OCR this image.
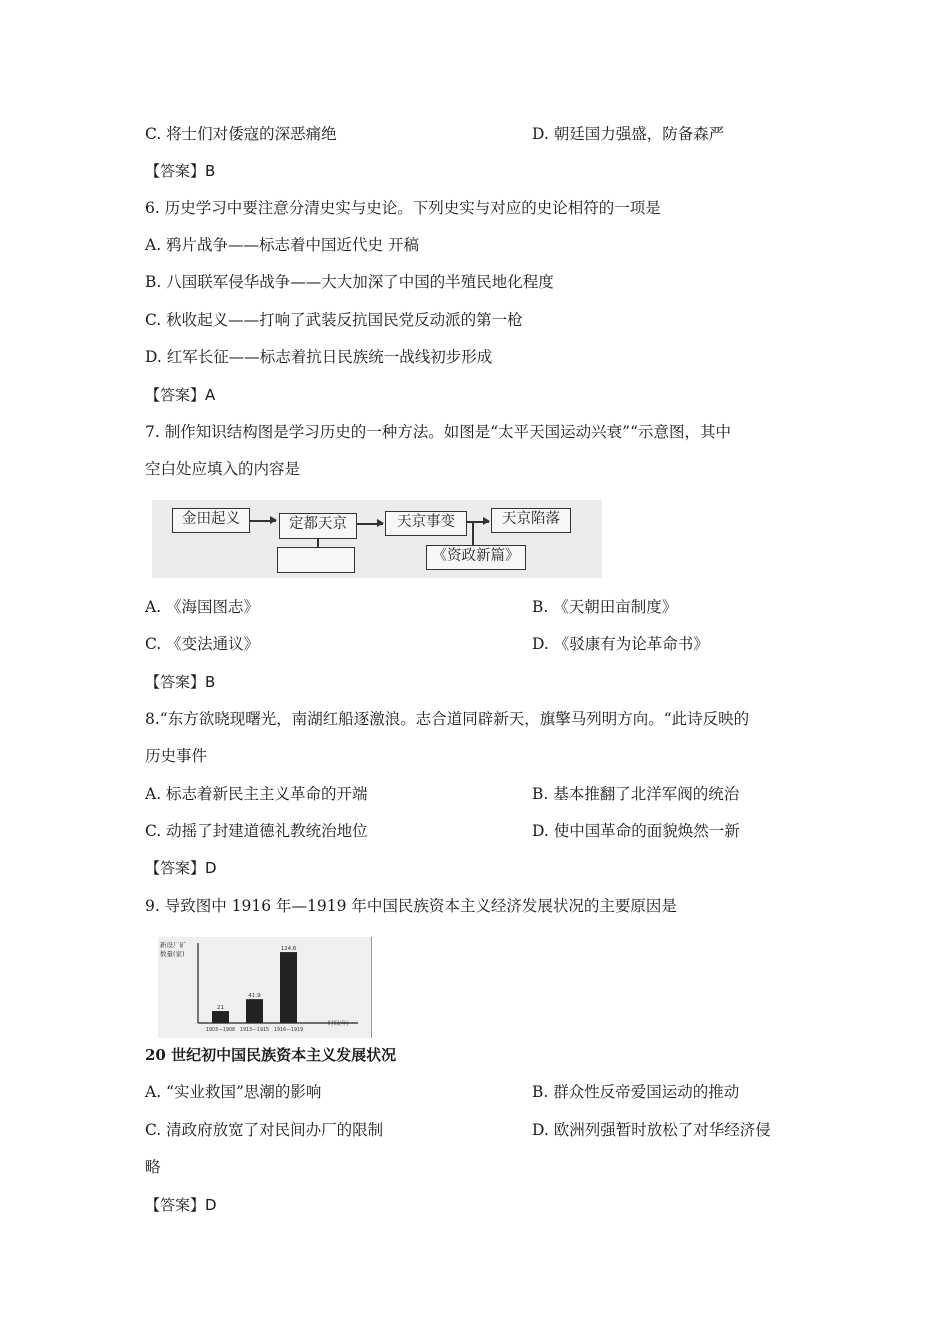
C. 将士们对倭寇的深恶痛绝	D. 朝廷国力强盛，防备森严
【答案】B
6. 历史学习中要注意分清史实与史论。下列史实与对应的史论相符的一项是
A. 鸦片战争——标志着中国近代史 开稿
B. 八国联军侵华战争——大大加深了中国的半殖民地化程度
C. 秋收起义——打响了武装反抗国民党反动派的第一枪
D. 红军长征——标志着抗日民族统一战线初步形成
【答案】A
7. 制作知识结构图是学习历史的一种方法。如图是“太平天国运动兴衰”“示意图，其中
空白处应填入的内容是
金田起义	定都天京	天京事变	天京陷落
《资政新篇》
A. 《海国图志》	B. 《天朝田亩制度》
C. 《变法通议》	D. 《驳康有为论革命书》
【答案】B
8.“东方欲晓现曙光，南湖红船逐激浪。志合道同辟新天，旗擎马列明方向。“此诗反映的
历史事件
A. 标志着新民主主义革命的开端	B. 基本推翻了北洋军阀的统治
C. 动摇了封建道德礼教统治地位	D. 使中国革命的面貌焕然一新
【答案】D
9. 导致图中 1916 年—1919 年中国民族资本主义经济发展状况的主要原因是
新设厂矿
数量(家)
时间(年)
21
1903—1908
41.9
1913—1915
124.6
1916—1919
20 世纪初中国民族资本主义发展状况
A. “实业救国”思潮的影响	B. 群众性反帝爱国运动的推动
C. 清政府放宽了对民间办厂的限制	D. 欧洲列强暂时放松了对华经济侵
略
【答案】D
